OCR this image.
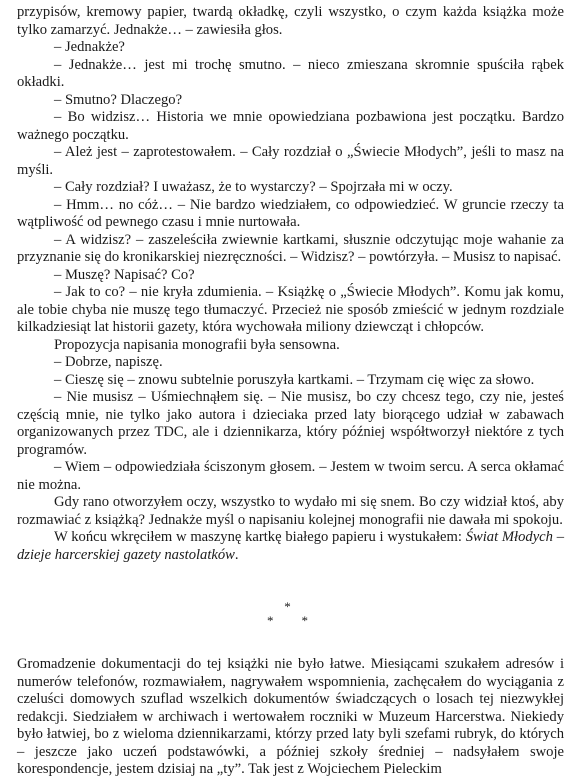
przypisów, kremowy papier, twardą okładkę, czyli wszystko, o czym każda książka może tylko zamarzyć. Jednakże… – zawiesiła głos.

– Jednakże?

– Jednakże… jest mi trochę smutno. – nieco zmieszana skromnie spuściła rąbek okładki.

– Smutno? Dlaczego?

– Bo widzisz… Historia we mnie opowiedziana pozbawiona jest początku. Bardzo ważnego początku.

– Ależ jest – zaprotestowałem. – Cały rozdział o „Świecie Młodych”, jeśli to masz na myśli.

– Cały rozdział? I uważasz, że to wystarczy? – Spojrzała mi w oczy.

– Hmm… no cóż… – Nie bardzo wiedziałem, co odpowiedzieć. W gruncie rzeczy ta wątpliwość od pewnego czasu i mnie nurtowała.

– A widzisz? – zaszeleściła zwiewnie kartkami, słusznie odczytując moje wahanie za przyznanie się do kronikarskiej niezręczności. – Widzisz? – powtórzyła. – Musisz to napisać.

– Muszę? Napisać? Co?

– Jak to co? – nie kryła zdumienia. – Książkę o „Świecie Młodych”. Komu jak komu, ale tobie chyba nie muszę tego tłumaczyć. Przecież nie sposób zmieścić w jednym rozdziale kilkadziesiąt lat historii gazety, która wychowała miliony dziewcząt i chłopców.

Propozycja napisania monografii była sensowna.

– Dobrze, napiszę.

– Cieszę się – znowu subtelnie poruszyła kartkami. – Trzymam cię więc za słowo.

– Nie musisz – Uśmiechnąłem się. – Nie musisz, bo czy chcesz tego, czy nie, jesteś częścią mnie, nie tylko jako autora i dzieciaka przed laty biorącego udział w zabawach organizowanych przez TDC, ale i dziennikarza, który później współtworzył niektóre z tych programów.

– Wiem – odpowiedziała ściszonym głosem. – Jestem w twoim sercu. A serca okłamać nie można.

Gdy rano otworzyłem oczy, wszystko to wydało mi się snem. Bo czy widział ktoś, aby rozmawiać z książką? Jednakże myśl o napisaniu kolejnej monografii nie dawała mi spokoju.

W końcu wkręciłem w maszynę kartkę białego papieru i wystukałem: Świat Młodych – dzieje harcerskiej gazety nastolatków.

*
* *

Gromadzenie dokumentacji do tej książki nie było łatwe. Miesiącami szukałem adresów i numerów telefonów, rozmawiałem, nagrywałem wspomnienia, zachęcałem do wyciągania z czeluści domowych szuflad wszelkich dokumentów świadczących o losach tej niezwykłej redakcji. Siedziałem w archiwach i wertowałem roczniki w Muzeum Harcerstwa. Niekiedy było łatwiej, bo z wieloma dziennikarzami, którzy przed laty byli szefami rubryk, do których – jeszcze jako uczeń podstawówki, a później szkoły średniej – nadsyłałem swoje korespondencje, jestem dzisiaj na „ty”. Tak jest z Wojciechem Pieleckim
